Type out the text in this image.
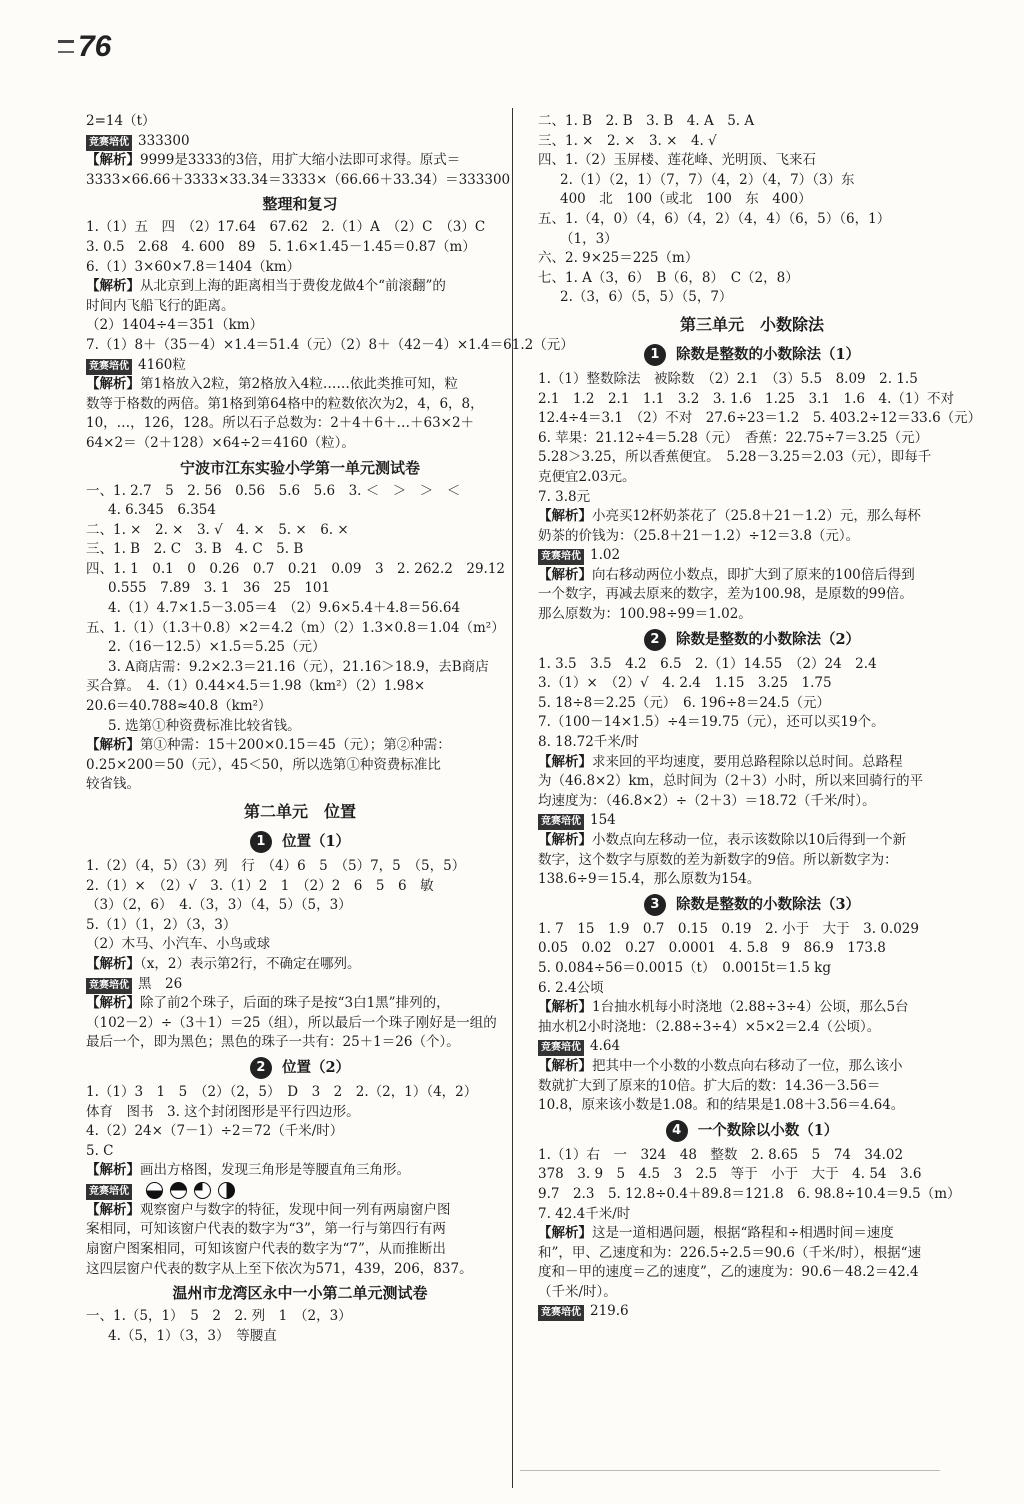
76
2=14（t）
竞赛培优 333300
【解析】9999是3333的3倍，用扩大缩小法即可求得。原式＝
3333×66.66＋3333×33.34＝3333×（66.66＋33.34）＝333300
整理和复习
1.（1）五　四　（2）17.64　67.62　2.（1）A　（2）C　（3）C
3. 0.5　2.68　4. 600　89　5. 1.6×1.45－1.45＝0.87（m）
6.（1）3×60×7.8＝1404（km）
【解析】从北京到上海的距离相当于费俊龙做4个“前滚翻”的
时间内飞船飞行的距离。
（2）1404÷4＝351（km）
7.（1）8＋（35－4）×1.4＝51.4（元）（2）8＋（42－4）×1.4＝61.2（元）
竞赛培优 4160粒
【解析】第1格放入2粒，第2格放入4粒……依此类推可知，粒
数等于格数的两倍。第1格到第64格中的粒数依次为2，4，6，8，
10，…，126，128。所以石子总数为：2＋4＋6＋…＋63×2＋
64×2＝（2＋128）×64÷2＝4160（粒）。
宁波市江东实验小学第一单元测试卷
一、1. 2.7　5　2. 56　0.56　5.6　5.6　3. ＜　＞　＞　＜
4. 6.345　6.354
二、1. ×　2. ×　3. √　4. ×　5. ×　6. ×
三、1. B　2. C　3. B　4. C　5. B
四、1. 1　0.1　0　0.26　0.7　0.21　0.09　3　2. 262.2　29.12
0.555　7.89　3. 1　36　25　101
4.（1）4.7×1.5－3.05＝4　（2）9.6×5.4＋4.8＝56.64
五、1.（1）（1.3＋0.8）×2＝4.2（m）（2）1.3×0.8＝1.04（m²）
2.（16－12.5）×1.5＝5.25（元）
3. A商店需：9.2×2.3＝21.16（元），21.16＞18.9，去B商店
买合算。　4.（1）0.44×4.5＝1.98（km²）（2）1.98×
20.6＝40.788≈40.8（km²）
5. 选第①种资费标准比较省钱。
【解析】第①种需：15＋200×0.15＝45（元）；第②种需：
0.25×200＝50（元），45＜50，所以选第①种资费标准比
较省钱。
第二单元　位置
1 位置（1）
1.（2）（4，5）（3）列　行　（4）6　5　（5）7，5　（5，5）
2.（1）×　（2）√　3.（1）2　1　（2）2　6　5　6　敏
（3）（2，6）　4.（3，3）（4，5）（5，3）
5.（1）（1，2）（3，3）
（2）木马、小汽车、小鸟或球
【解析】（x，2）表示第2行，不确定在哪列。
竞赛培优 黑　26
【解析】除了前2个珠子，后面的珠子是按“3白1黑”排列的，
（102－2）÷（3＋1）＝25（组），所以最后一个珠子刚好是一组的
最后一个，即为黑色；黑色的珠子一共有：25＋1＝26（个）。
2 位置（2）
1.（1）3　1　5　（2）（2，5）　D　3　2　2.（2，1）（4，2）
体育　图书　3. 这个封闭图形是平行四边形。
4.（2）24×（7－1）÷2＝72（千米/时）
5. C
【解析】画出方格图，发现三角形是等腰直角三角形。
竞赛培优
【解析】观察窗户与数字的特征，发现中间一列有两扇窗户图
案相同，可知该窗户代表的数字为“3”，第一行与第四行有两
扇窗户图案相同，可知该窗户代表的数字为“7”，从而推断出
这四层窗户代表的数字从上至下依次为571，439，206，837。
温州市龙湾区永中一小第二单元测试卷
一、1.（5，1）　5　2　2. 列　1　（2，3）
4.（5，1）（3，3）　等腰直
二、1. B　2. B　3. B　4. A　5. A
三、1. ×　2. ×　3. ×　4. √
四、1.（2）玉屏楼、莲花峰、光明顶、飞来石
2.（1）（2，1）（7，7）（4，2）（4，7）（3）东
400　北　100（或北　100　东　400）
五、1.（4，0）（4，6）（4，2）（4，4）（6，5）（6，1）
（1，3）
六、2. 9×25＝225（m）
七、1. A（3，6）　B（6，8）　C（2，8）
2.（3，6）（5，5）（5，7）
第三单元　小数除法
1 除数是整数的小数除法（1）
1.（1）整数除法　被除数　（2）2.1　（3）5.5　8.09　2. 1.5
2.1　1.2　2.1　1.1　3.2　3. 1.6　1.25　3.1　1.6　4.（1）不对
12.4÷4＝3.1　（2）不对　27.6÷23＝1.2　5. 403.2÷12＝33.6（元）
6. 苹果：21.12÷4＝5.28（元）　香蕉：22.75÷7＝3.25（元）
5.28＞3.25，所以香蕉便宜。　5.28－3.25＝2.03（元），即每千
克便宜2.03元。
7. 3.8元
【解析】小亮买12杯奶茶花了（25.8＋21－1.2）元，那么每杯
奶茶的价钱为：（25.8＋21－1.2）÷12＝3.8（元）。
竞赛培优 1.02
【解析】向右移动两位小数点，即扩大到了原来的100倍后得到
一个数字，再减去原来的数字，差为100.98，是原数的99倍。
那么原数为：100.98÷99＝1.02。
2 除数是整数的小数除法（2）
1. 3.5　3.5　4.2　6.5　2.（1）14.55　（2）24　2.4
3.（1）×　（2）√　4. 2.4　1.15　3.25　1.75
5. 18÷8＝2.25（元）　6. 196÷8＝24.5（元）
7.（100－14×1.5）÷4＝19.75（元），还可以买19个。
8. 18.72千米/时
【解析】求来回的平均速度，要用总路程除以总时间。总路程
为（46.8×2）km，总时间为（2＋3）小时，所以来回骑行的平
均速度为：（46.8×2）÷（2＋3）＝18.72（千米/时）。
竞赛培优 154
【解析】小数点向左移动一位，表示该数除以10后得到一个新
数字，这个数字与原数的差为新数字的9倍。所以新数字为：
138.6÷9＝15.4，那么原数为154。
3 除数是整数的小数除法（3）
1. 7　15　1.9　0.7　0.15　0.19　2. 小于　大于　3. 0.029
0.05　0.02　0.27　0.0001　4. 5.8　9　86.9　173.8
5. 0.084÷56＝0.0015（t）　0.0015t＝1.5 kg
6. 2.4公顷
【解析】1台抽水机每小时浇地（2.88÷3÷4）公顷，那么5台
抽水机2小时浇地：（2.88÷3÷4）×5×2＝2.4（公顷）。
竞赛培优 4.64
【解析】把其中一个小数的小数点向右移动了一位，那么该小
数就扩大到了原来的10倍。扩大后的数：14.36－3.56＝
10.8，原来该小数是1.08。和的结果是1.08＋3.56＝4.64。
4 一个数除以小数（1）
1.（1）右　一　324　48　整数　2. 8.65　5　74　34.02
378　3. 9　5　4.5　3　2.5　等于　小于　大于　4. 54　3.6
9.7　2.3　5. 12.8÷0.4＋89.8＝121.8　6. 98.8÷10.4＝9.5（m）
7. 42.4千米/时
【解析】这是一道相遇问题，根据“路程和÷相遇时间＝速度
和”，甲、乙速度和为：226.5÷2.5＝90.6（千米/时），根据“速
度和－甲的速度＝乙的速度”，乙的速度为：90.6－48.2＝42.4
（千米/时）。
竞赛培优 219.6
